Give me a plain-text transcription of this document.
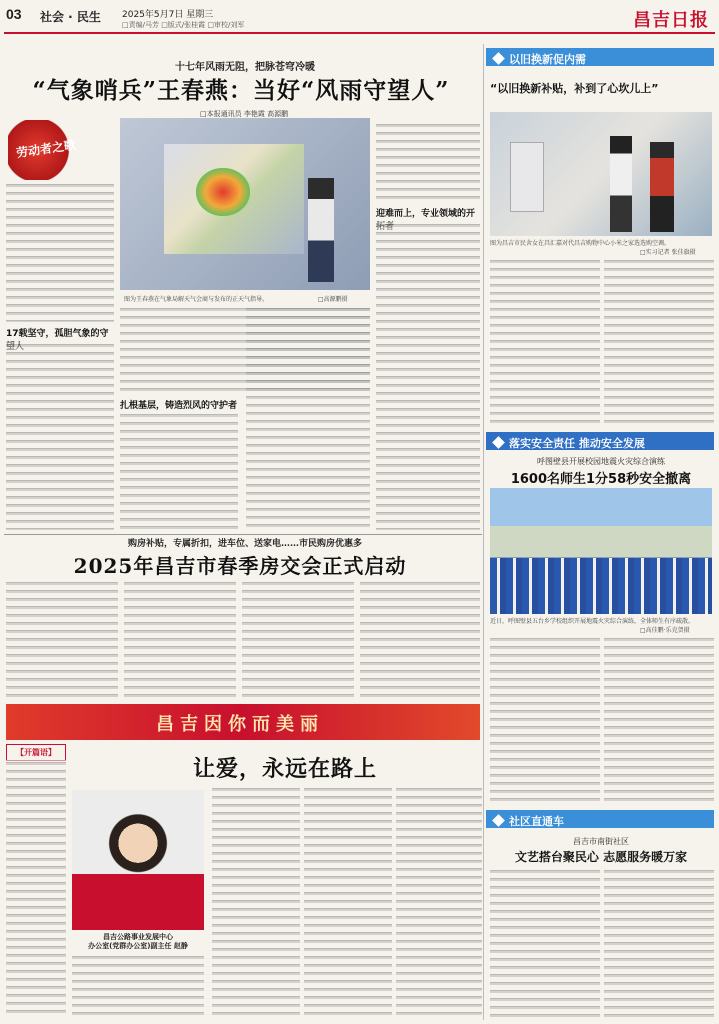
03 社会 · 民生 2025年5月7日 星期三
□责编/马芳 □版式/张桂霞 □审校/刘军	昌吉日报
十七年风雨无阻，把脉苍穹冷暖
“气象哨兵”王春燕：当好“风雨守望人”
□本报通讯员 李艳霞 高源鹏
劳动者之歌
17载坚守，孤胆气象的守
图为王春燕在气象局解天气会商与发布的正天气指导。	□高源鹏摄
扎根基层，铸造烈风的守护者
迎难而上，专业领域的开
以旧换新促内需
“以旧换新补贴，补到了心坎儿上”
图为昌吉市民舍女在昌汇嘉对代昌吉购物中心小米之家选选购空调。
□实习记者 张佳旗摄
落实安全责任 推动安全发展
呼图壁县开展校园地震火灾综合演练
1600名师生1分58秒安全撤离
近日，呼图壁县五台乡学校组织开展地震火灾综合演练，全体师生有序疏散。
□高佳鹏·乐克贺摄
购房补贴，专属折扣，进车位、送家电……市民购房优惠多
2025年昌吉市春季房交会正式启动
昌吉因你而美丽
【开篇语】
让爱，永远在路上
昌吉公路事业发展中心
办公室(党群办公室)副主任 赵静
社区直通车
昌吉市南街社区
文艺搭台聚民心 志愿服务暖万家
